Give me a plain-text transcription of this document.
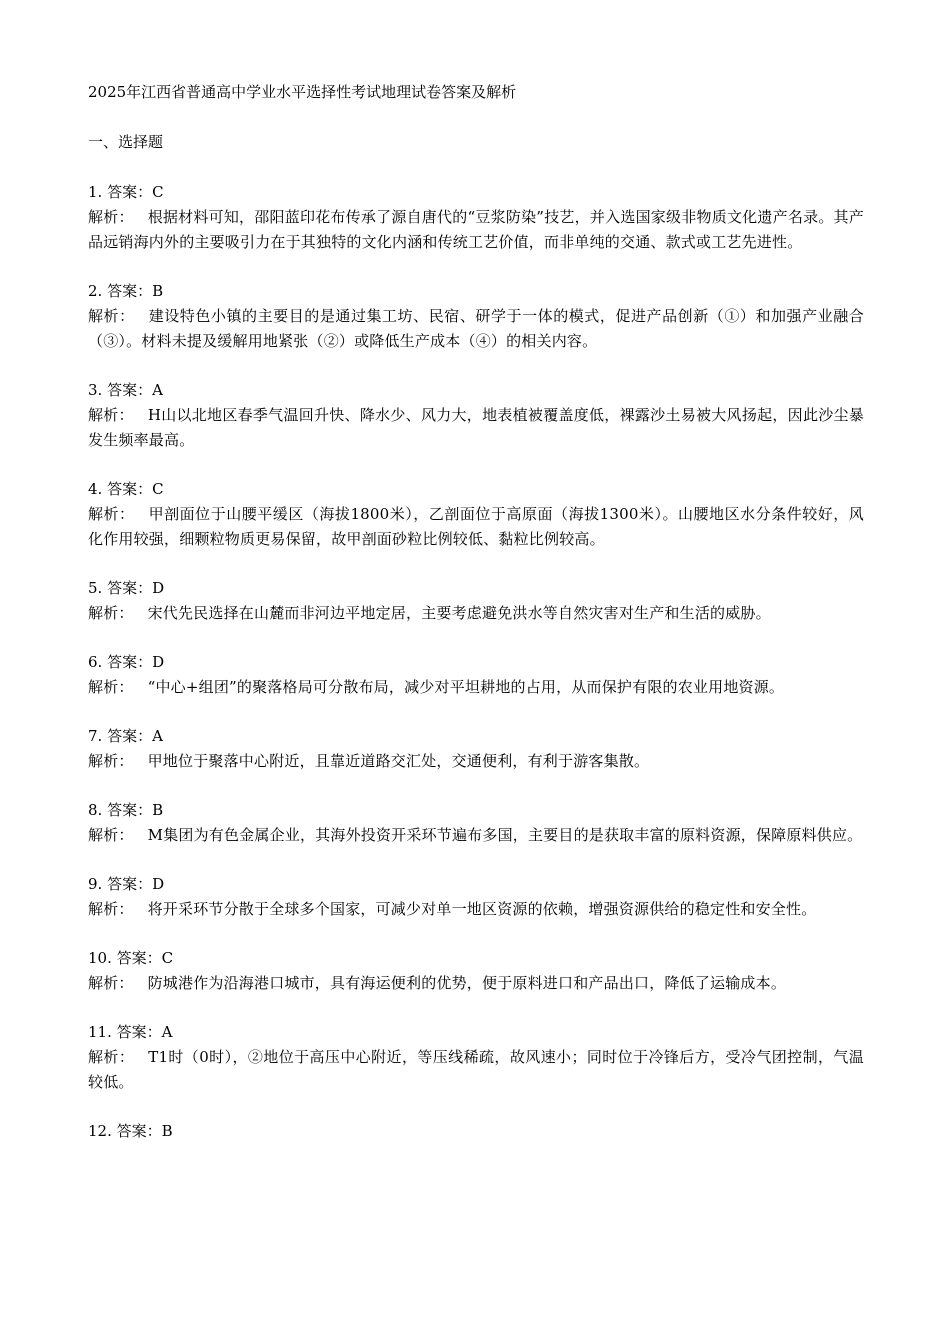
2025年江西省普通高中学业水平选择性考试地理试卷答案及解析

一、选择题

1. 答案：C

解析： 根据材料可知，邵阳蓝印花布传承了源自唐代的“豆浆防染”技艺，并入选国家级非物质文化遗产名录。其产品远销海内外的主要吸引力在于其独特的文化内涵和传统工艺价值，而非单纯的交通、款式或工艺先进性。

2. 答案：B

解析： 建设特色小镇的主要目的是通过集工坊、民宿、研学于一体的模式，促进产品创新（①）和加强产业融合（③）。材料未提及缓解用地紧张（②）或降低生产成本（④）的相关内容。

3. 答案：A

解析： H山以北地区春季气温回升快、降水少、风力大，地表植被覆盖度低，裸露沙土易被大风扬起，因此沙尘暴发生频率最高。

4. 答案：C

解析： 甲剖面位于山腰平缓区（海拔1800米），乙剖面位于高原面（海拔1300米）。山腰地区水分条件较好，风化作用较强，细颗粒物质更易保留，故甲剖面砂粒比例较低、黏粒比例较高。

5. 答案：D

解析： 宋代先民选择在山麓而非河边平地定居，主要考虑避免洪水等自然灾害对生产和生活的威胁。

6. 答案：D

解析： “中心+组团”的聚落格局可分散布局，减少对平坦耕地的占用，从而保护有限的农业用地资源。

7. 答案：A

解析： 甲地位于聚落中心附近，且靠近道路交汇处，交通便利，有利于游客集散。

8. 答案：B

解析： M集团为有色金属企业，其海外投资开采环节遍布多国，主要目的是获取丰富的原料资源，保障原料供应。

9. 答案：D

解析： 将开采环节分散于全球多个国家，可减少对单一地区资源的依赖，增强资源供给的稳定性和安全性。

10. 答案：C

解析： 防城港作为沿海港口城市，具有海运便利的优势，便于原料进口和产品出口，降低了运输成本。

11. 答案：A

解析： T1时（0时），②地位于高压中心附近，等压线稀疏，故风速小；同时位于冷锋后方，受冷气团控制，气温较低。

12. 答案：B
